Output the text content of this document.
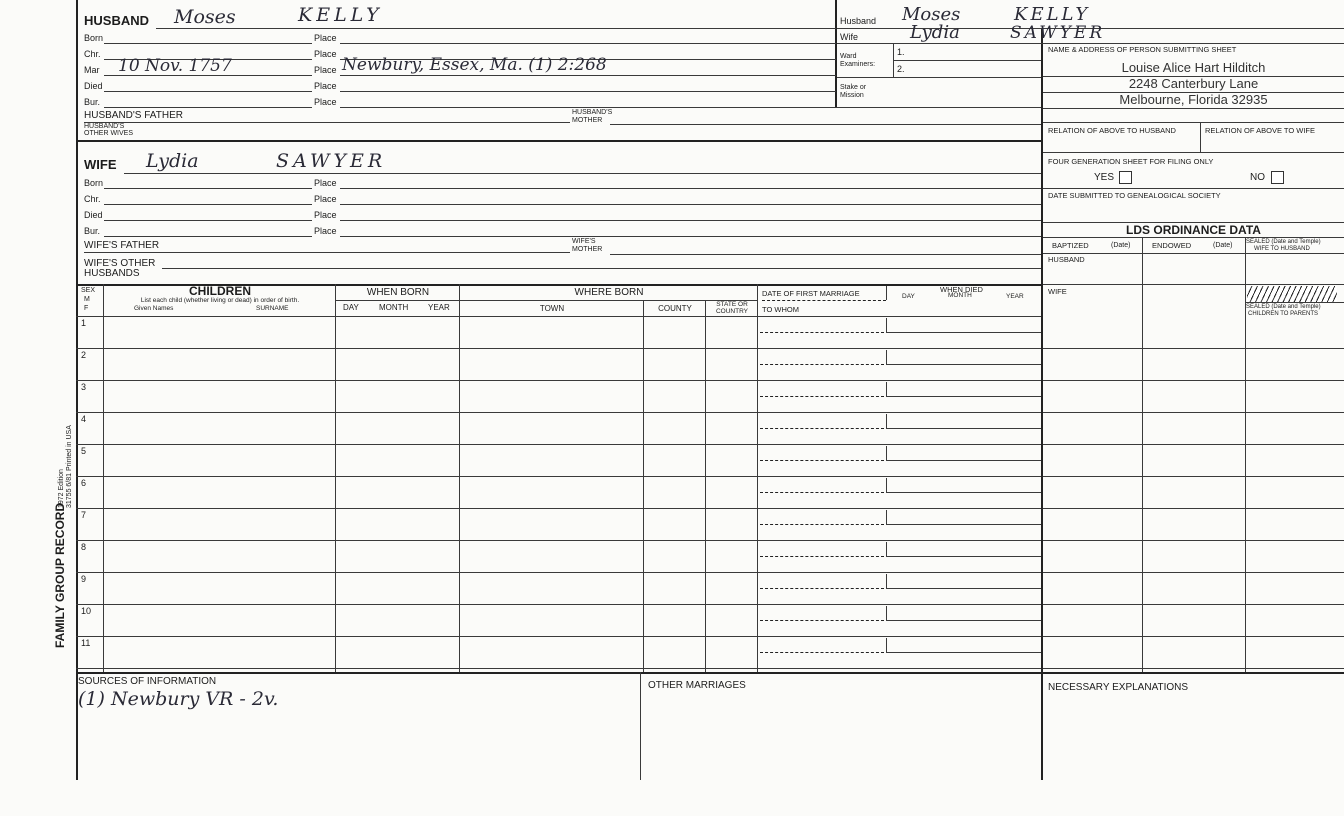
FAMILY GROUP RECORD
1972 Edition 31755 6/81 Printed in USA
HUSBAND Moses	KELLY
Born	Place
Chr.	Place
Mar 10 Nov. 1757	Place Newbury, Essex, Ma. (1) 2:268
Died	Place
Bur.	Place
HUSBAND'S FATHER	HUSBAND'S
MOTHER
HUSBAND'S
OTHER WIVES
WIFE Lydia	SAWYER
Born	Place
Chr.	Place
Died	Place
Bur.	Place
WIFE'S FATHER	WIFE'S
MOTHER
WIFE'S OTHER
HUSBANDS
Husband Moses	KELLY
Wife	Lydia	SAWYER
Ward
Examiners:
1.
2.
Stake or
Mission
NAME & ADDRESS OF PERSON SUBMITTING SHEET
Louise Alice Hart Hilditch
2248 Canterbury Lane
Melbourne, Florida 32935
RELATION OF ABOVE TO HUSBAND	RELATION OF ABOVE TO WIFE
FOUR GENERATION SHEET FOR FILING ONLY
YES	NO
DATE SUBMITTED TO GENEALOGICAL SOCIETY
LDS ORDINANCE DATA
BAPTIZED	(Date)	ENDOWED	(Date) SEALED (Date and Temple)
WIFE TO HUSBAND
HUSBAND
WIFE
SEALED (Date and Temple)
CHILDREN TO PARENTS
SEX
M
F
CHILDREN
List each child (whether living or dead) in order of birth.
Given Names	SURNAME
WHEN BORN
DAY	MONTH YEAR
WHERE BORN
TOWN	COUNTY	STATE OR
COUNTRY
DATE OF FIRST MARRIAGE
TO WHOM
WHEN DIED
DAY	MONTH	YEAR
1
2
3
4
5
6
7
8
9
10
11
SOURCES OF INFORMATION
(1) Newbury VR - 2v.
OTHER MARRIAGES	NECESSARY EXPLANATIONS
